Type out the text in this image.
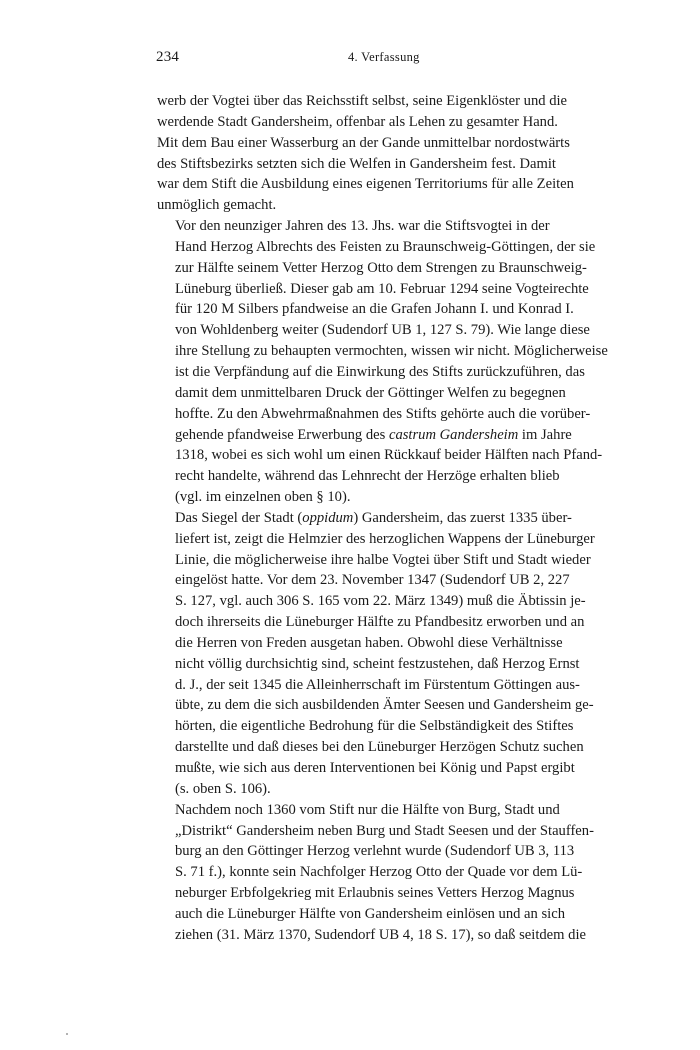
234	4. Verfassung

werb der Vogtei über das Reichsstift selbst, seine Eigenklöster und die
werdende Stadt Gandersheim, offenbar als Lehen zu gesamter Hand.
Mit dem Bau einer Wasserburg an der Gande unmittelbar nordostwärts
des Stiftsbezirks setzten sich die Welfen in Gandersheim fest. Damit
war dem Stift die Ausbildung eines eigenen Territoriums für alle Zeiten
unmöglich gemacht.

Vor den neunziger Jahren des 13. Jhs. war die Stiftsvogtei in der
Hand Herzog Albrechts des Feisten zu Braunschweig-Göttingen, der sie
zur Hälfte seinem Vetter Herzog Otto dem Strengen zu Braunschweig-
Lüneburg überließ. Dieser gab am 10. Februar 1294 seine Vogteirechte
für 120 M Silbers pfandweise an die Grafen Johann I. und Konrad I.
von Wohldenberg weiter (Sudendorf UB 1, 127 S. 79). Wie lange diese
ihre Stellung zu behaupten vermochten, wissen wir nicht. Möglicherweise
ist die Verpfändung auf die Einwirkung des Stifts zurückzuführen, das
damit dem unmittelbaren Druck der Göttinger Welfen zu begegnen
hoffte. Zu den Abwehrmaßnahmen des Stifts gehörte auch die vorüber-
gehende pfandweise Erwerbung des castrum Gandersheim im Jahre
1318, wobei es sich wohl um einen Rückkauf beider Hälften nach Pfand-
recht handelte, während das Lehnrecht der Herzöge erhalten blieb
(vgl. im einzelnen oben § 10).

Das Siegel der Stadt (oppidum) Gandersheim, das zuerst 1335 über-
liefert ist, zeigt die Helmzier des herzoglichen Wappens der Lüneburger
Linie, die möglicherweise ihre halbe Vogtei über Stift und Stadt wieder
eingelöst hatte. Vor dem 23. November 1347 (Sudendorf UB 2, 227
S. 127, vgl. auch 306 S. 165 vom 22. März 1349) muß die Äbtissin je-
doch ihrerseits die Lüneburger Hälfte zu Pfandbesitz erworben und an
die Herren von Freden ausgetan haben. Obwohl diese Verhältnisse
nicht völlig durchsichtig sind, scheint festzustehen, daß Herzog Ernst
d. J., der seit 1345 die Alleinherrschaft im Fürstentum Göttingen aus-
übte, zu dem die sich ausbildenden Ämter Seesen und Gandersheim ge-
hörten, die eigentliche Bedrohung für die Selbständigkeit des Stiftes
darstellte und daß dieses bei den Lüneburger Herzögen Schutz suchen
mußte, wie sich aus deren Interventionen bei König und Papst ergibt
(s. oben S. 106).

Nachdem noch 1360 vom Stift nur die Hälfte von Burg, Stadt und
„Distrikt“ Gandersheim neben Burg und Stadt Seesen und der Stauffen-
burg an den Göttinger Herzog verlehnt wurde (Sudendorf UB 3, 113
S. 71 f.), konnte sein Nachfolger Herzog Otto der Quade vor dem Lü-
neburger Erbfolgekrieg mit Erlaubnis seines Vetters Herzog Magnus
auch die Lüneburger Hälfte von Gandersheim einlösen und an sich
ziehen (31. März 1370, Sudendorf UB 4, 18 S. 17), so daß seitdem die
